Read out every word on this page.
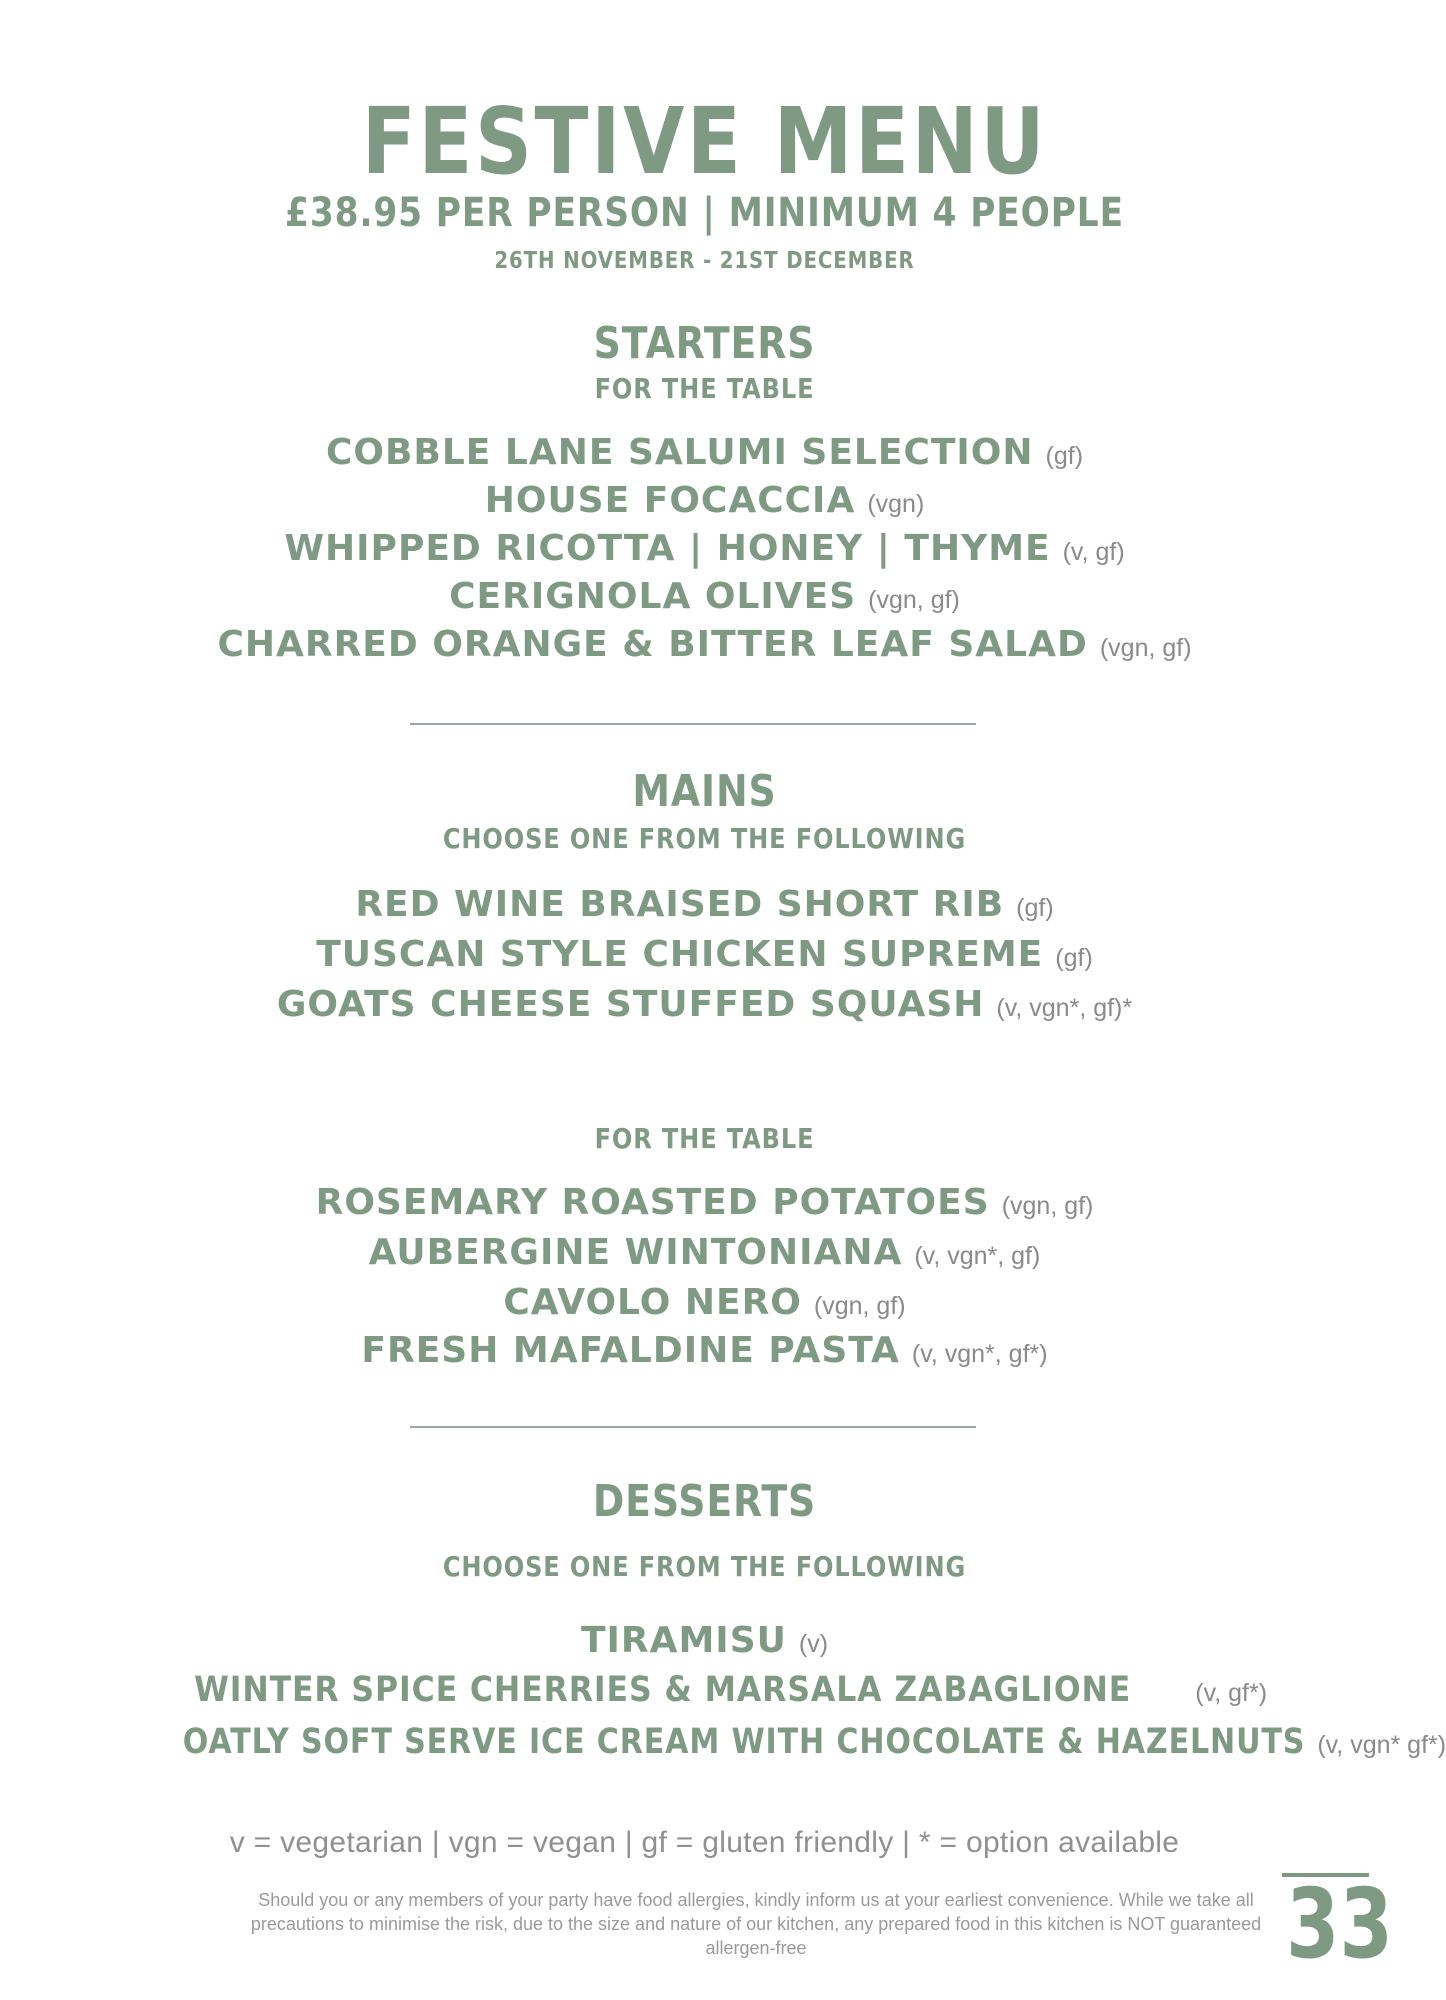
FESTIVE MENU
£38.95 PER PERSON | MINIMUM 4 PEOPLE
26TH NOVEMBER - 21ST DECEMBER
STARTERS
FOR THE TABLE
COBBLE LANE SALUMI SELECTION (gf)
HOUSE FOCACCIA (vgn)
WHIPPED RICOTTA | HONEY | THYME (v, gf)
CERIGNOLA OLIVES (vgn, gf)
CHARRED ORANGE & BITTER LEAF SALAD (vgn, gf)
MAINS
CHOOSE ONE FROM THE FOLLOWING
RED WINE BRAISED SHORT RIB (gf)
TUSCAN STYLE CHICKEN SUPREME (gf)
GOATS CHEESE STUFFED SQUASH (v, vgn*, gf)*
FOR THE TABLE
ROSEMARY ROASTED POTATOES (vgn, gf)
AUBERGINE WINTONIANA (v, vgn*, gf)
CAVOLO NERO (vgn, gf)
FRESH MAFALDINE PASTA (v, vgn*, gf*)
DESSERTS
CHOOSE ONE FROM THE FOLLOWING
TIRAMISU (v)
WINTER SPICE CHERRIES & MARSALA ZABAGLIONE	(v, gf*)
OATLY SOFT SERVE ICE CREAM WITH CHOCOLATE & HAZELNUTS (v, vgn* gf*)
v = vegetarian | vgn = vegan | gf = gluten friendly | * = option available
Should you or any members of your party have food allergies, kindly inform us at your earliest convenience. While we take all precautions to minimise the risk, due to the size and nature of our kitchen, any prepared food in this kitchen is NOT guaranteed allergen-free	33
